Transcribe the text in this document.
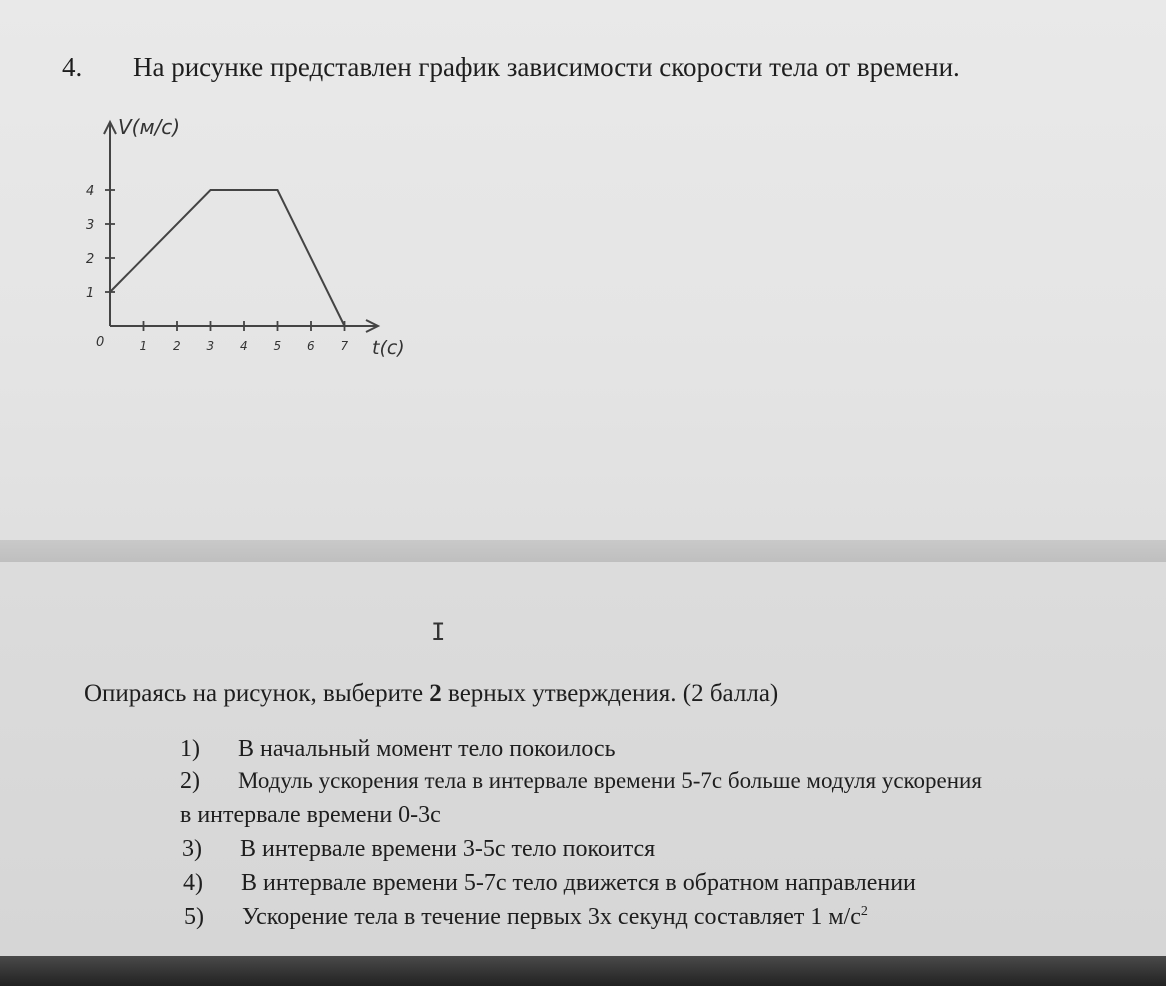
4. На рисунке представлен график зависимости скорости тела от времени.
1 2 3 4 5 6 7
1
2
3
4
V(м/с)
t(c)
0
I
Опираясь на рисунок, выберите 2 верных утверждения. (2 балла)
1) В начальный момент тело покоилось
2) Модуль ускорения тела в интервале времени 5-7с больше модуля ускорения
в интервале времени 0-3с
3) В интервале времени 3-5с тело покоится
4) В интервале времени 5-7с тело движется в обратном направлении
5) Ускорение тела в течение первых 3х секунд составляет 1 $м/с^2$
